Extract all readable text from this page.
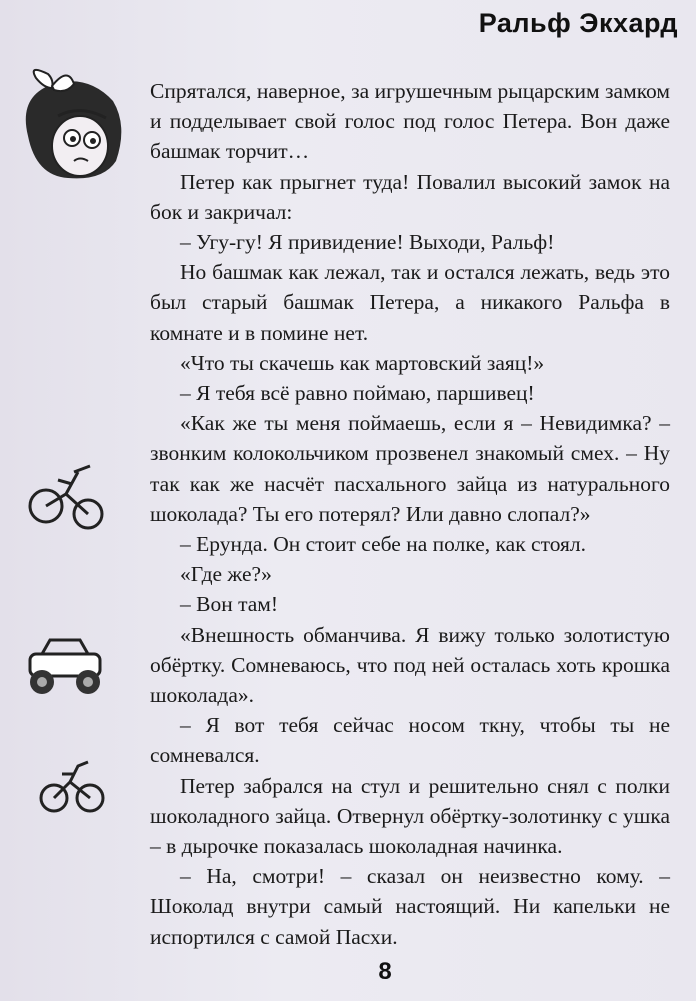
Ральф Экхард

Спрятался, наверное, за игрушечным рыцарским замком и подделывает свой голос под голос Петера. Вон даже башмак торчит…

Петер как прыгнет туда! Повалил высокий замок на бок и закричал:

– Угу-гу! Я привидение! Выходи, Ральф!

Но башмак как лежал, так и остался лежать, ведь это был старый башмак Петера, а никакого Ральфа в комнате и в помине нет.

«Что ты скачешь как мартовский заяц!»

– Я тебя всё равно поймаю, паршивец!

«Как же ты меня поймаешь, если я – Невидимка? – звонким колокольчиком прозвенел знакомый смех. – Ну так как же насчёт пасхального зайца из натурального шоколада? Ты его потерял? Или давно слопал?»

– Ерунда. Он стоит себе на полке, как стоял.

«Где же?»

– Вон там!

«Внешность обманчива. Я вижу только золотистую обёртку. Сомневаюсь, что под ней осталась хоть крошка шоколада».

– Я вот тебя сейчас носом ткну, чтобы ты не сомневался.

Петер забрался на стул и решительно снял с полки шоколадного зайца. Отвернул обёртку-золотинку с ушка – в дырочке показалась шоколадная начинка.

– На, смотри! – сказал он неизвестно кому. – Шоколад внутри самый настоящий. Ни капельки не испортился с самой Пасхи.

8
